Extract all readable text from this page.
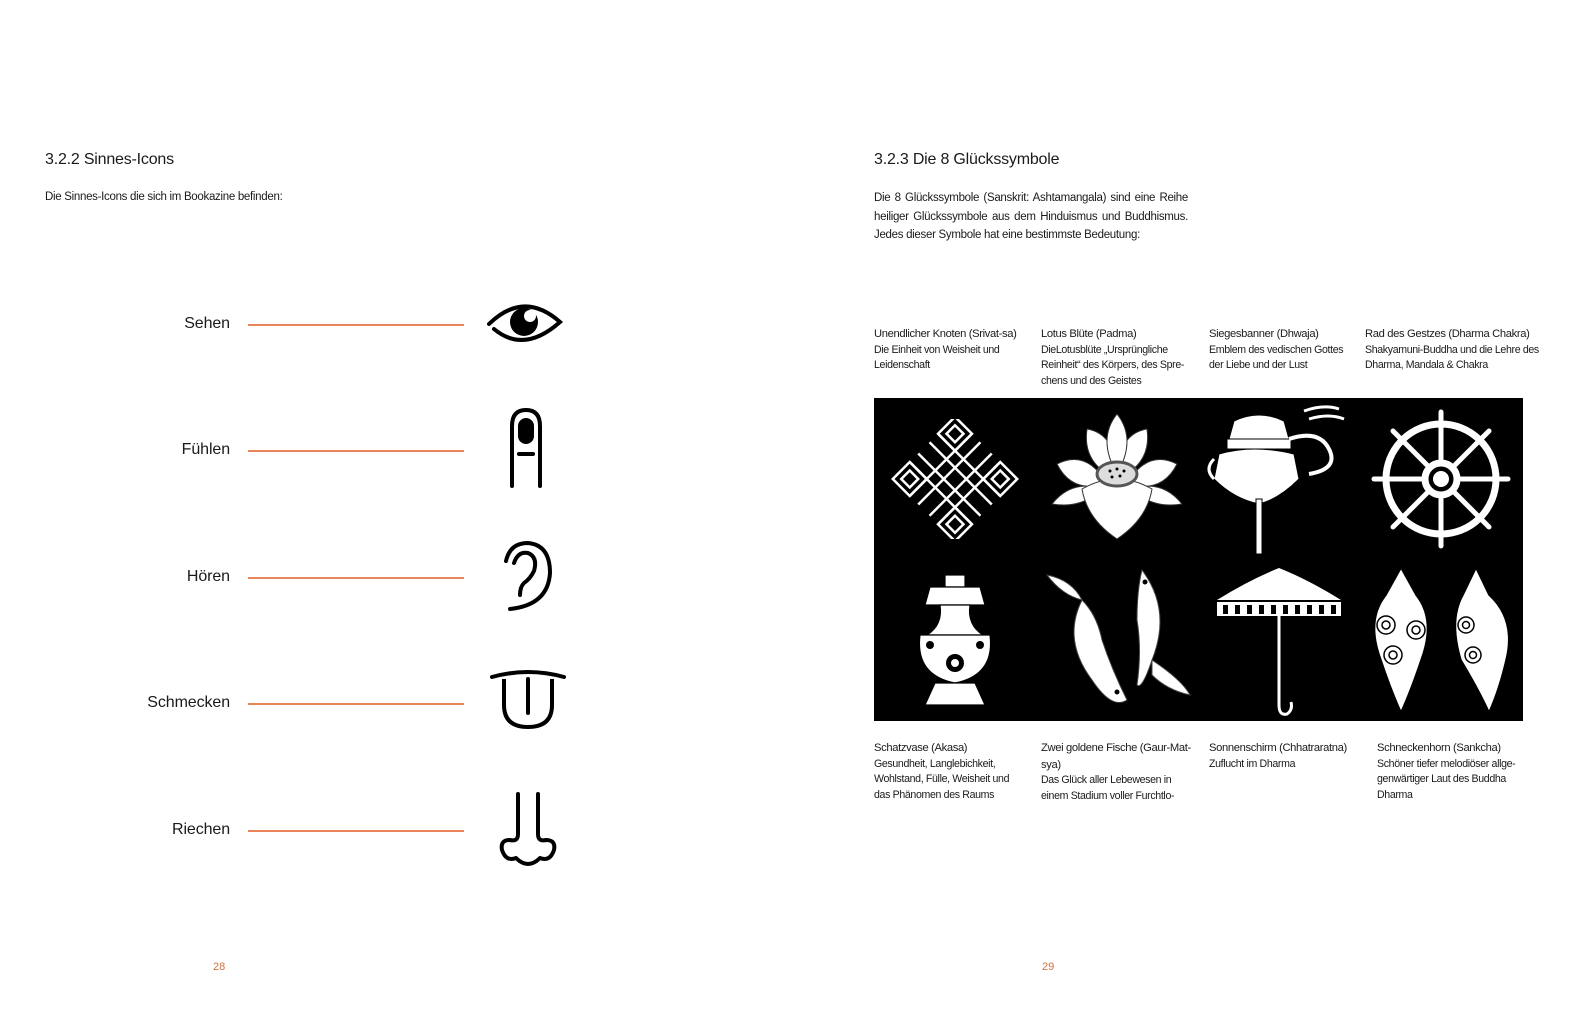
3.2.2 Sinnes-Icons

Die Sinnes-Icons die sich im Bookazine befinden:

Sehen
Fühlen
Hören
Schmecken
Riechen
28
3.2.3 Die 8 Glückssymbole

Die 8 Glückssymbole (Sanskrit: Ashtamangala) sind eine Reihe heiliger Glückssymbole aus dem Hinduismus und Buddhismus. Jedes dieser Symbole hat eine bestimmste Bedeutung:

Unendlicher Knoten (Srivat-sa)
Die Einheit von Weisheit und Leidenschaft
Lotus Blüte (Padma)
DieLotusblüte „Ursprüngliche Reinheit“ des Körpers, des Spre-chens und des Geistes
Siegesbanner (Dhwaja)
Emblem des vedischen Gottes der Liebe und der Lust
Rad des Gestzes (Dharma Chakra)
Shakyamuni-Buddha und die Lehre des Dharma, Mandala & Chakra
Schatzvase (Akasa)
Gesundheit, Langlebichkeit, Wohlstand, Fülle, Weisheit und das Phänomen des Raums
Zwei goldene Fische (Gaur-Mat-sya)
Das Glück aller Lebewesen in einem Stadium voller Furchtlo-
Sonnenschirm (Chhatraratna)
Zuflucht im Dharma
Schneckenhorn (Sankcha)
Schöner tiefer melodiöser allge-genwärtiger Laut des Buddha Dharma
29
